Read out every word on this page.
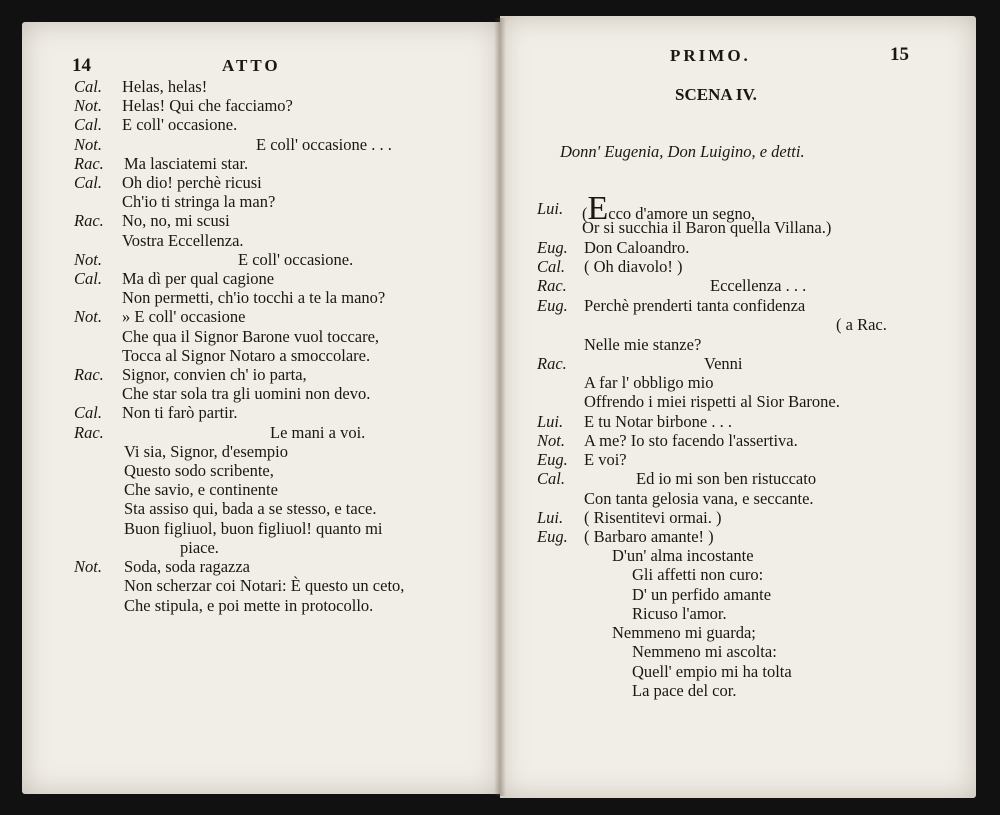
14	ATTO
Cal. Helas, helas!
Not. Helas! Qui che facciamo?
Cal. E coll' occasione.
Not.	E coll' occasione . . .
Rac. Ma lasciatemi star.
Cal. Oh dio! perchè ricusi
Ch'io ti stringa la man?
Rac. No, no, mi scusi
Vostra Eccellenza.
Not.	E coll' occasione.
Cal. Ma dì per qual cagione
Non permetti, ch'io tocchi a te la mano?
Not. » E coll' occasione
Che qua il Signor Barone vuol toccare,
Tocca al Signor Notaro a smoccolare.
Rac. Signor, convien ch' io parta,
Che star sola tra gli uomini non devo.
Cal. Non ti farò partir.
Rac.	Le mani a voi.
Vi sia, Signor, d'esempio
Questo sodo scribente,
Che savio, e continente
Sta assiso qui, bada a se stesso, e tace.
Buon figliuol, buon figliuol! quanto mi
piace.
Not. Soda, soda ragazza
Non scherzar coi Notari: È questo un ceto,
Che stipula, e poi mette in protocollo.
PRIMO.	15
SCENA IV.
Donn' Eugenia, Don Luigino, e detti.
Lui. (Ecco d'amore un segno,
Or si succhia il Baron quella Villana.)
Eug. Don Caloandro.
Cal. ( Oh diavolo! )
Rac.	Eccellenza . . .
Eug. Perchè prenderti tanta confidenza
( a Rac.
Nelle mie stanze?
Rac.	Venni
A far l' obbligo mio
Offrendo i miei rispetti al Sior Barone.
Lui. E tu Notar birbone . . .
Not. A me? Io sto facendo l'assertiva.
Eug. E voi?
Cal.	Ed io mi son ben ristuccato
Con tanta gelosia vana, e seccante.
Lui. ( Risentitevi ormai. )
Eug. ( Barbaro amante! )
D'un' alma incostante
Gli affetti non curo:
D' un perfido amante
Ricuso l'amor.
Nemmeno mi guarda;
Nemmeno mi ascolta:
Quell' empio mi ha tolta
La pace del cor.
